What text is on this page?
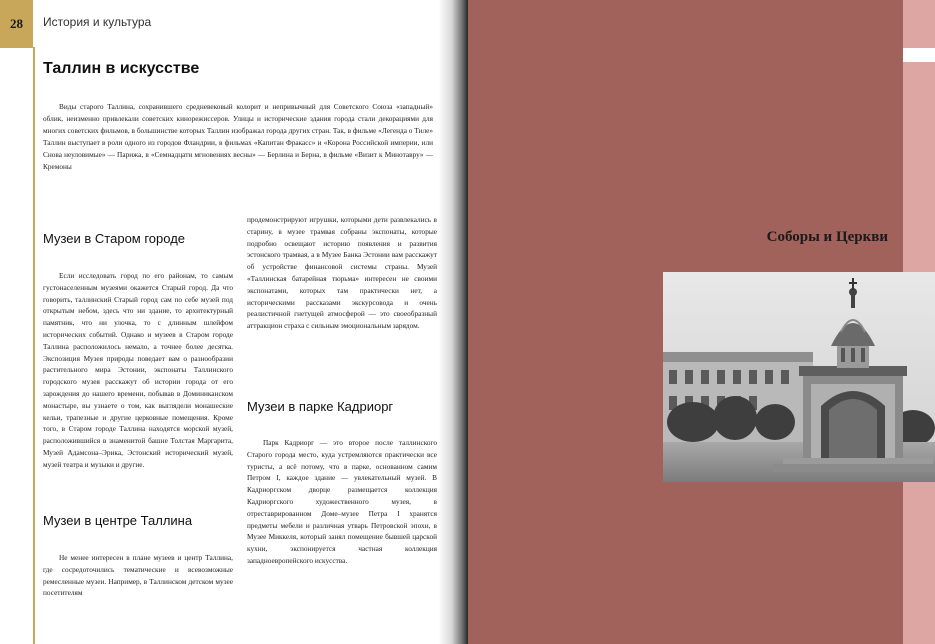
28	История и культура
Таллин в искусстве

Виды старого Таллина, сохранившего средневековый колорит и непривычный для Советского Союза «западный» облик, неизменно привлекали советских кинорежиссеров. Улицы и исторические здания города стали декорациями для многих советских фильмов, в большинстве которых Таллин изображал города других стран. Так, в фильме «Легенда о Тиле» Таллин выступает в роли одного из городов Фландрии, в фильмах «Капитан Фракасс» и «Корона Российской империи, или Снова неуловимые» — Парижа, в «Семнадцати мгновениях весны» — Берлина и Берна, в фильме «Визит к Минотавру» — Кремоны

Музеи в Старом городе

Если исследовать город по его районам, то самым густонаселенным музеями окажется Старый город. Да что говорить, таллинский Старый город сам по себе музей под открытым небом, здесь что ни здание, то архитектурный памятник, что ни улочка, то с длинным шлейфом исторических событий. Однако и музеев в Старом городе Таллина расположилось немало, а точнее более десятка. Экспозиция Музея природы поведает вам о разнообразии растительного мира Эстонии, экспонаты Таллинского городского музея расскажут об истории города от его зарождения до нашего времени, побывав в Доминиканском монастыре, вы узнаете о том, как выглядели монашеские кельи, трапезные и другие церковные помещения. Кроме того, в Старом городе Таллина находятся морской музей, расположившийся в знаменитой башне Толстая Маргарита, Музей Адамсона–Эрика, Эстонский исторический музей, музей театра и музыки и другие.

Музеи в центре Таллина

Не менее интересен в плане музеев и центр Таллина, где сосредоточились тематические и всевозможные ремесленные музеи. Например, в Таллинском детском музее посетителям

продемонстрируют игрушки, которыми дети развлекались в старину, в музее трамвая собраны экспонаты, которые подробно освещают историю появления и развития эстонского трамвая, а в Музее Банка Эстонии вам расскажут об устройстве финансовой системы страны. Музей «Таллинская батарейная тюрьма» интересен не своими экспонатами, которых там практически нет, а историческими рассказами экскурсовода и очень реалистичной гнетущей атмосферой — это своеобразный аттракцион страха с сильным эмоциональным зарядом.

Музеи в парке Кадриорг

Парк Кадриорг — это второе после таллинского Старого города место, куда устремляются практически все туристы, а всё потому, что в парке, основанном самим Петром I, каждое здание — увлекательный музей. В Кадриоргском дворце размещается коллекция Кадриоргского художественного музея, в отреставрированном Доме–музее Петра I хранятся предметы мебели и различная утварь Петровской эпохи, в Музее Миккеля, который занял помещение бывшей царской кухни, экспонируется частная коллекция западноевропейского искусства.

Соборы и Церкви
